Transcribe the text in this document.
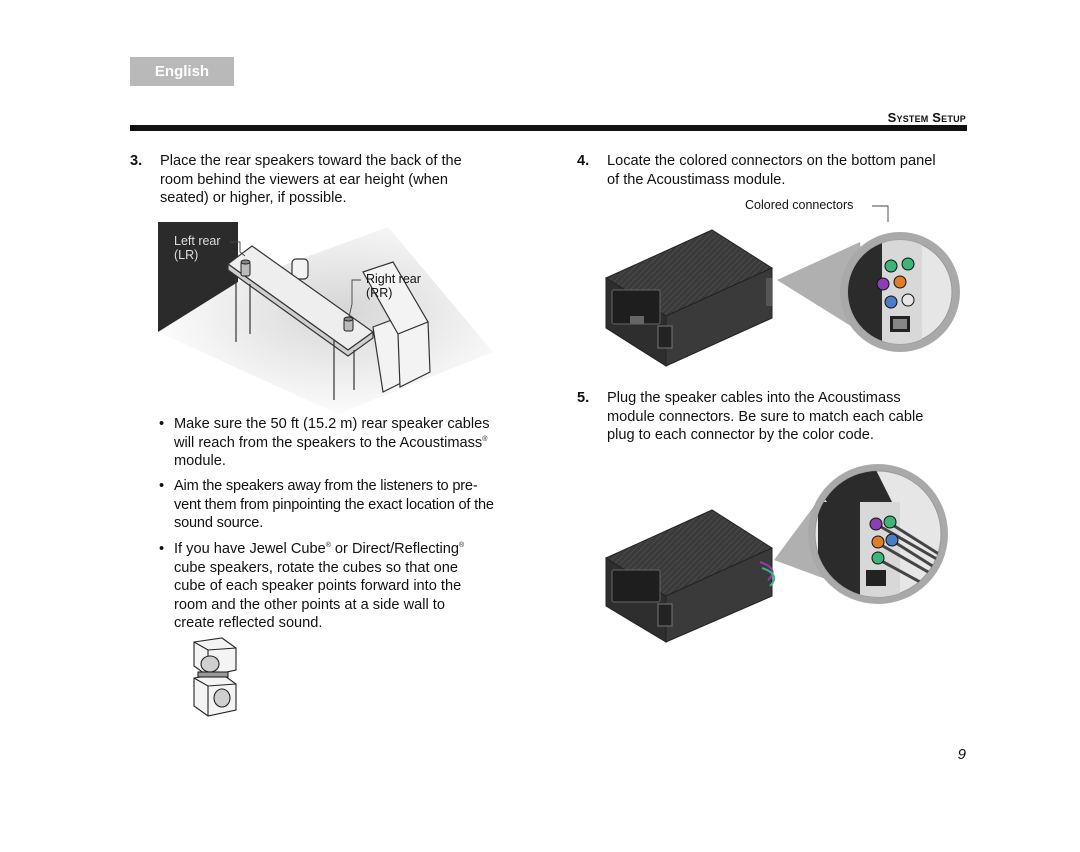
English
System Setup
3. Place the rear speakers toward the back of the
room behind the viewers at ear height (when
seated) or higher, if possible.
Left rear
(LR)
Right rear
(RR)
• Make sure the 50 ft (15.2 m) rear speaker cables
will reach from the speakers to the Acoustimass®
module.
• Aim the speakers away from the listeners to pre-
vent them from pinpointing the exact location of the
sound source.
• If you have Jewel Cube® or Direct/Reflecting®
cube speakers, rotate the cubes so that one
cube of each speaker points forward into the
room and the other points at a side wall to
create reflected sound.
4. Locate the colored connectors on the bottom panel
of the Acoustimass module.
Colored connectors
5. Plug the speaker cables into the Acoustimass
module connectors. Be sure to match each cable
plug to each connector by the color code.
9
